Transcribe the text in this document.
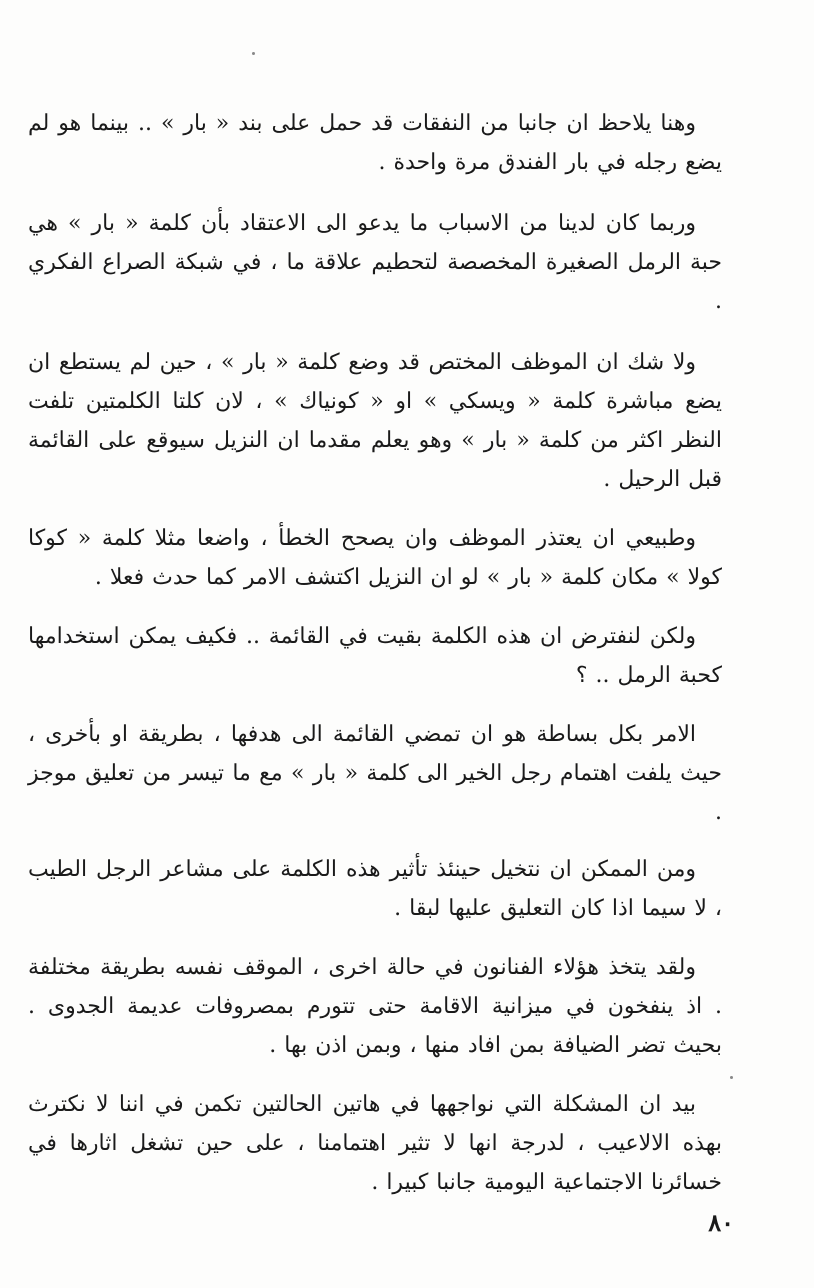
وهنا يلاحظ ان جانبا من النفقات قد حمل على بند « بار » .. بينما هو لم يضع رجله في بار الفندق مرة واحدة .

وربما كان لدينا من الاسباب ما يدعو الى الاعتقاد بأن كلمة « بار » هي حبة الرمل الصغيرة المخصصة لتحطيم علاقة ما ، في شبكة الصراع الفكري .

ولا شك ان الموظف المختص قد وضع كلمة « بار » ، حين لم يستطع ان يضع مباشرة كلمة « ويسكي » او « كونياك » ، لان كلتا الكلمتين تلفت النظر اكثر من كلمة « بار » وهو يعلم مقدما ان النزيل سيوقع على القائمة قبل الرحيل .

وطبيعي ان يعتذر الموظف وان يصحح الخطأ ، واضعا مثلا كلمة « كوكا كولا » مكان كلمة « بار » لو ان النزيل اكتشف الامر كما حدث فعلا .

ولكن لنفترض ان هذه الكلمة بقيت في القائمة .. فكيف يمكن استخدامها كحبة الرمل .. ؟

الامر بكل بساطة هو ان تمضي القائمة الى هدفها ، بطريقة او بأخرى ، حيث يلفت اهتمام رجل الخير الى كلمة « بار » مع ما تيسر من تعليق موجز .

ومن الممكن ان نتخيل حينئذ تأثير هذه الكلمة على مشاعر الرجل الطيب ، لا سيما اذا كان التعليق عليها لبقا .

ولقد يتخذ هؤلاء الفنانون في حالة اخرى ، الموقف نفسه بطريقة مختلفة . اذ ينفخون في ميزانية الاقامة حتى تتورم بمصروفات عديمة الجدوى . بحيث تضر الضيافة بمن افاد منها ، وبمن اذن بها .

بيد ان المشكلة التي نواجهها في هاتين الحالتين تكمن في اننا لا نكترث بهذه الالاعيب ، لدرجة انها لا تثير اهتمامنا ، على حين تشغل اثارها في خسائرنا الاجتماعية اليومية جانبا كبيرا .

٨٠
